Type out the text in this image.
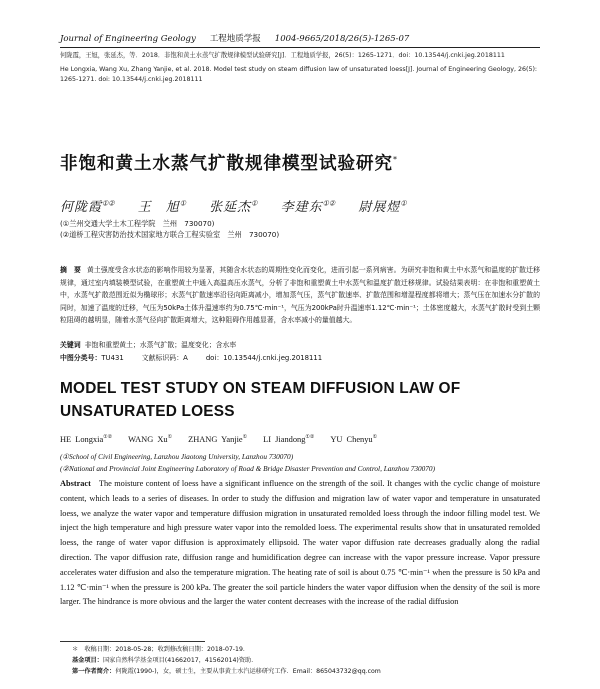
Journal of Engineering Geology 工程地质学报 1004-9665/2018/26(5)-1265-07

何陇霞，王旭，张延杰，等．2018．非饱和黄土水蒸气扩散规律模型试验研究[J]．工程地质学报，26(5)：1265-1271．doi：10.13544/j.cnki.jeg.2018111

He Longxia, Wang Xu, Zhang Yanjie, et al. 2018. Model test study on steam diffusion law of unsaturated loess[J]. Journal of Engineering Geology, 26(5): 1265-1271. doi: 10.13544/j.cnki.jeg.2018111

非饱和黄土水蒸气扩散规律模型试验研究*
何陇霞①② 王　旭① 张延杰① 李建东①② 尉展煜①
(①兰州交通大学土木工程学院　兰州　730070)
(②道桥工程灾害防治技术国家地方联合工程实验室　兰州　730070)
摘　要 黄土强度受含水状态的影响作用较为显著，其随含水状态的周期性变化而变化，进而引起一系列病害。为研究非饱和黄土中水蒸气和温度的扩散迁移规律，通过室内填装模型试验，在重塑黄土中通入高温高压水蒸气，分析了非饱和重塑黄土中水蒸气和温度扩散迁移规律。试验结果表明：在非饱和重塑黄土中，水蒸气扩散范围近似为椭球形；水蒸气扩散速率沿径向距离减小，增加蒸气压，蒸气扩散速率、扩散范围和增湿程度都将增大；蒸气压在加速水分扩散的同时，加速了温度的迁移，气压为50kPa土体升温速率约为0.75℃·min⁻¹，气压为200kPa时升温速率1.12℃·min⁻¹；土体密度越大，水蒸气扩散时受到土颗粒阻碍的越明显，随着水蒸气径向扩散距离增大，这种阻碍作用越显著，含水率减小的量值越大。
关键词 非饱和重塑黄土；水蒸气扩散；温度变化；含水率
中图分类号：TU431	文献标识码：A	doi：10.13544/j.cnki.jeg.2018111
MODEL TEST STUDY ON STEAM DIFFUSION LAW OF UNSATURATED LOESS
HE Longxia①② WANG Xu① ZHANG Yanjie① LI Jiandong①② YU Chenyu①
(①School of Civil Engineering, Lanzhou Jiaotong University, Lanzhou 730070)
(②National and Provincial Joint Engineering Laboratory of Road & Bridge Disaster Prevention and Control, Lanzhou 730070)
Abstract The moisture content of loess have a significant influence on the strength of the soil. It changes with the cyclic change of moisture content, which leads to a series of diseases. In order to study the diffusion and migration law of water vapor and temperature in unsaturated loess, we analyze the water vapor and temperature diffusion migration in unsaturated remolded loess through the indoor filling model test. We inject the high temperature and high pressure water vapor into the remolded loess. The experimental results show that in unsaturated remolded loess, the range of water vapor diffusion is approximately ellipsoid. The water vapor diffusion rate decreases gradually along the radial direction. The vapor diffusion rate, diffusion range and humidification degree can increase with the vapor pressure increase. Vapor pressure accelerates water diffusion and also the temperature migration. The heating rate of soil is about 0.75 ℃·min⁻¹ when the pressure is 50 kPa and 1.12 ℃·min⁻¹ when the pressure is 200 kPa. The greater the soil particle hinders the water vapor diffusion when the density of the soil is more larger. The hindrance is more obvious and the larger the water content decreases with the increase of the radial diffusion

＊　收稿日期：2018-05-28；收到修改稿日期：2018-07-19．

基金项目：国家自然科学基金项目(41662017，41562014)资助．

第一作者简介：何陇霞(1990-)，女，硕士生，主要从事黄土水汽运移研究工作．Email：865043732@qq.com
